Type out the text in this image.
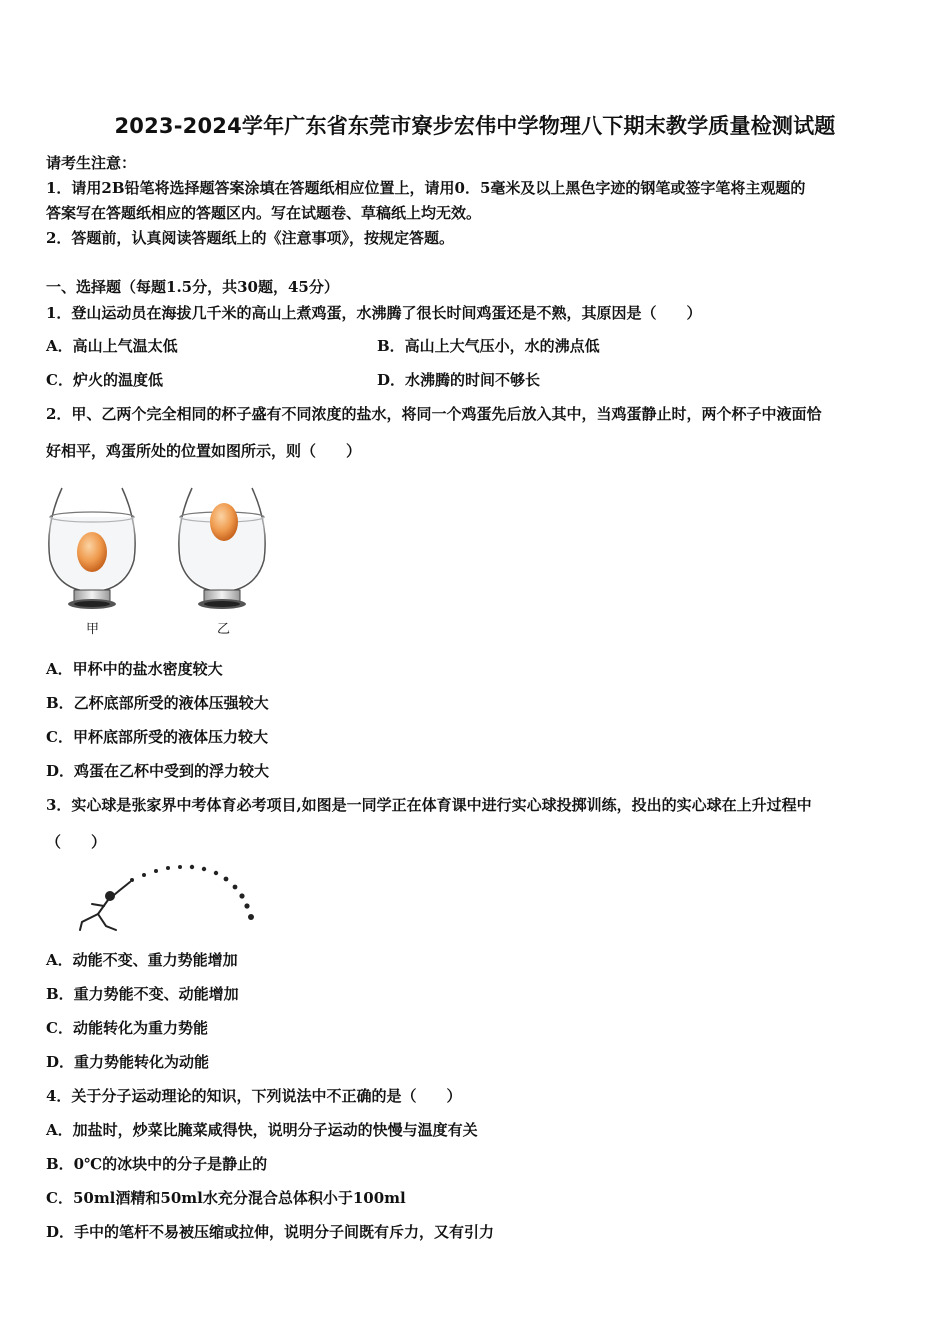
2023-2024学年广东省东莞市寮步宏伟中学物理八下期末教学质量检测试题
请考生注意：
1．请用2B铅笔将选择题答案涂填在答题纸相应位置上，请用0．5毫米及以上黑色字迹的钢笔或签字笔将主观题的
答案写在答题纸相应的答题区内。写在试题卷、草稿纸上均无效。
2．答题前，认真阅读答题纸上的《注意事项》，按规定答题。
一、选择题（每题1.5分，共30题，45分）
1．登山运动员在海拔几千米的高山上煮鸡蛋，水沸腾了很长时间鸡蛋还是不熟，其原因是（　　）
A．高山上气温太低	B．高山上大气压小，水的沸点低
C．炉火的温度低	D．水沸腾的时间不够长
2．甲、乙两个完全相同的杯子盛有不同浓度的盐水，将同一个鸡蛋先后放入其中，当鸡蛋静止时，两个杯子中液面恰
好相平，鸡蛋所处的位置如图所示，则（　　）
甲	乙
A．甲杯中的盐水密度较大
B．乙杯底部所受的液体压强较大
C．甲杯底部所受的液体压力较大
D．鸡蛋在乙杯中受到的浮力较大
3．实心球是张家界中考体育必考项目,如图是一同学正在体育课中进行实心球投掷训练，投出的实心球在上升过程中
（　　）
A．动能不变、重力势能增加
B．重力势能不变、动能增加
C．动能转化为重力势能
D．重力势能转化为动能
4．关于分子运动理论的知识，下列说法中不正确的是（　　）
A．加盐时，炒菜比腌菜咸得快，说明分子运动的快慢与温度有关
B．0℃的冰块中的分子是静止的
C．50ml酒精和50ml水充分混合总体积小于100ml
D．手中的笔杆不易被压缩或拉伸，说明分子间既有斥力，又有引力
